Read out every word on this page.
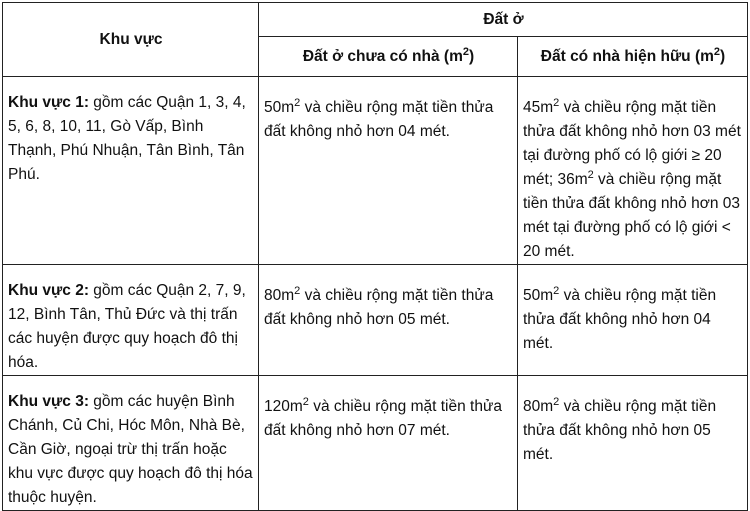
Khu vực	Đất ở	
	Đất ở chưa có nhà $(m^2)$	Đất có nhà hiện hữu $(m^2)$
Khu vực 1: gồm các Quận 1, 3, 4, 5, 6, 8, 10, 11, Gò Vấp, Bình Thạnh, Phú Nhuận, Tân Bình, Tân Phú.	$50m^2$ và chiều rộng mặt tiền thửa đất không nhỏ hơn 04 mét.	$45m^2$ và chiều rộng mặt tiền thửa đất không nhỏ hơn 03 mét tại đường phố có lộ giới ≥ 20 mét; $36m^2$ và chiều rộng mặt tiền thửa đất không nhỏ hơn 03 mét tại đường phố có lộ giới < 20 mét.
Khu vực 2: gồm các Quận 2, 7, 9, 12, Bình Tân, Thủ Đức và thị trấn các huyện được quy hoạch đô thị hóa.	$80m^2$ và chiều rộng mặt tiền thửa đất không nhỏ hơn 05 mét.	$50m^2$ và chiều rộng mặt tiền thửa đất không nhỏ hơn 04 mét.
Khu vực 3: gồm các huyện Bình Chánh, Củ Chi, Hóc Môn, Nhà Bè, Cần Giờ, ngoại trừ thị trấn hoặc khu vực được quy hoạch đô thị hóa thuộc huyện.	$120m^2$ và chiều rộng mặt tiền thửa đất không nhỏ hơn 07 mét.	$80m^2$ và chiều rộng mặt tiền thửa đất không nhỏ hơn 05 mét.
